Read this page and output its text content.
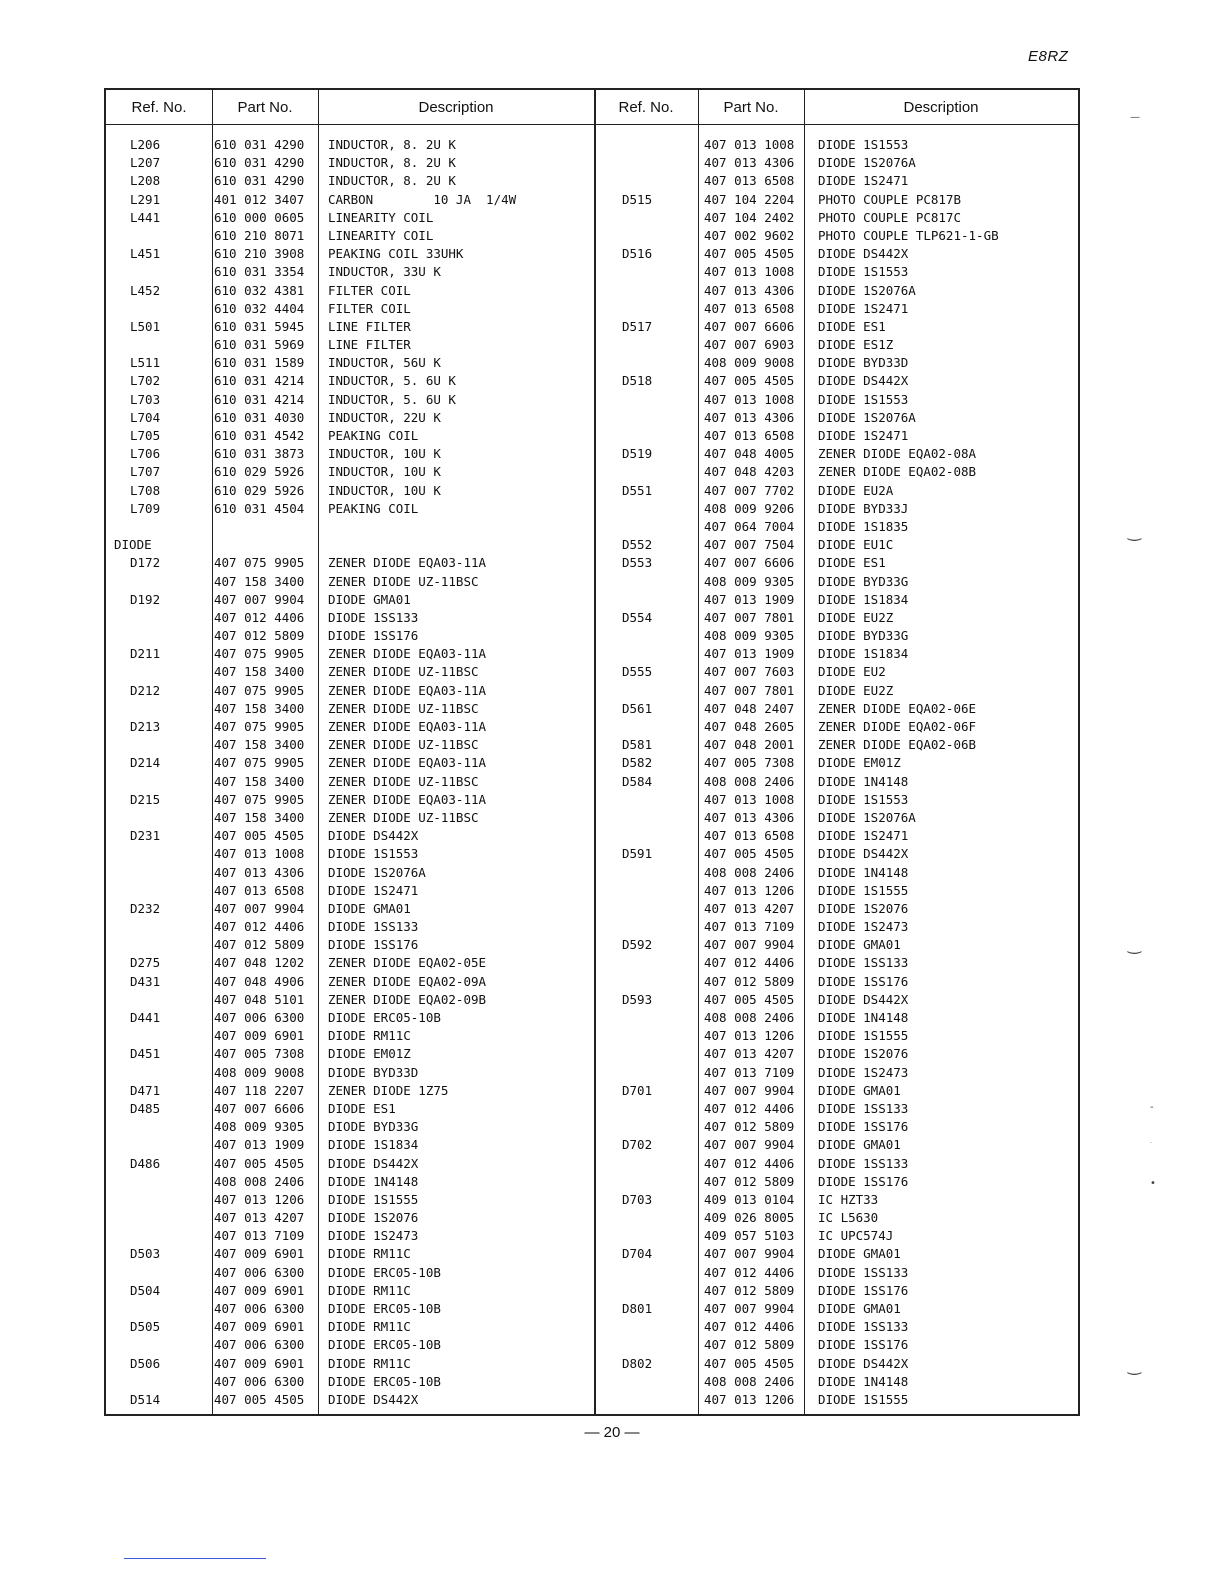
E8RZ
Ref. No.	Part No.	Description	Ref. No.	Part No.	Description
L206	610 031 4290 INDUCTOR, 8. 2U K
L207	610 031 4290 INDUCTOR, 8. 2U K
L208	610 031 4290 INDUCTOR, 8. 2U K
L291	401 012 3407 CARBON        10 JA  1/4W
L441	610 000 0605 LINEARITY COIL
610 210 8071 LINEARITY COIL
L451	610 210 3908 PEAKING COIL 33UHK
610 031 3354 INDUCTOR, 33U K
L452	610 032 4381 FILTER COIL
610 032 4404 FILTER COIL
L501	610 031 5945 LINE FILTER
610 031 5969 LINE FILTER
L511	610 031 1589 INDUCTOR, 56U K
L702	610 031 4214 INDUCTOR, 5. 6U K
L703	610 031 4214 INDUCTOR, 5. 6U K
L704	610 031 4030 INDUCTOR, 22U K
L705	610 031 4542 PEAKING COIL
L706	610 031 3873 INDUCTOR, 10U K
L707	610 029 5926 INDUCTOR, 10U K
L708	610 029 5926 INDUCTOR, 10U K
L709	610 031 4504 PEAKING COIL
DIODE
D172	407 075 9905 ZENER DIODE EQA03-11A
407 158 3400 ZENER DIODE UZ-11BSC
D192	407 007 9904 DIODE GMA01
407 012 4406 DIODE 1SS133
407 012 5809 DIODE 1SS176
D211	407 075 9905 ZENER DIODE EQA03-11A
407 158 3400 ZENER DIODE UZ-11BSC
D212	407 075 9905 ZENER DIODE EQA03-11A
407 158 3400 ZENER DIODE UZ-11BSC
D213	407 075 9905 ZENER DIODE EQA03-11A
407 158 3400 ZENER DIODE UZ-11BSC
D214	407 075 9905 ZENER DIODE EQA03-11A
407 158 3400 ZENER DIODE UZ-11BSC
D215	407 075 9905 ZENER DIODE EQA03-11A
407 158 3400 ZENER DIODE UZ-11BSC
D231	407 005 4505 DIODE DS442X
407 013 1008 DIODE 1S1553
407 013 4306 DIODE 1S2076A
407 013 6508 DIODE 1S2471
D232	407 007 9904 DIODE GMA01
407 012 4406 DIODE 1SS133
407 012 5809 DIODE 1SS176
D275	407 048 1202 ZENER DIODE EQA02-05E
D431	407 048 4906 ZENER DIODE EQA02-09A
407 048 5101 ZENER DIODE EQA02-09B
D441	407 006 6300 DIODE ERC05-10B
407 009 6901 DIODE RM11C
D451	407 005 7308 DIODE EM01Z
408 009 9008 DIODE BYD33D
D471	407 118 2207 ZENER DIODE 1Z75
D485	407 007 6606 DIODE ES1
408 009 9305 DIODE BYD33G
407 013 1909 DIODE 1S1834
D486	407 005 4505 DIODE DS442X
408 008 2406 DIODE 1N4148
407 013 1206 DIODE 1S1555
407 013 4207 DIODE 1S2076
407 013 7109 DIODE 1S2473
D503	407 009 6901 DIODE RM11C
407 006 6300 DIODE ERC05-10B
D504	407 009 6901 DIODE RM11C
407 006 6300 DIODE ERC05-10B
D505	407 009 6901 DIODE RM11C
407 006 6300 DIODE ERC05-10B
D506	407 009 6901 DIODE RM11C
407 006 6300 DIODE ERC05-10B
D514	407 005 4505 DIODE DS442X
407 013 1008 DIODE 1S1553
407 013 4306 DIODE 1S2076A
407 013 6508 DIODE 1S2471
D515	407 104 2204 PHOTO COUPLE PC817B
407 104 2402 PHOTO COUPLE PC817C
407 002 9602 PHOTO COUPLE TLP621-1-GB
D516	407 005 4505 DIODE DS442X
407 013 1008 DIODE 1S1553
407 013 4306 DIODE 1S2076A
407 013 6508 DIODE 1S2471
D517	407 007 6606 DIODE ES1
407 007 6903 DIODE ES1Z
408 009 9008 DIODE BYD33D
D518	407 005 4505 DIODE DS442X
407 013 1008 DIODE 1S1553
407 013 4306 DIODE 1S2076A
407 013 6508 DIODE 1S2471
D519	407 048 4005 ZENER DIODE EQA02-08A
407 048 4203 ZENER DIODE EQA02-08B
D551	407 007 7702 DIODE EU2A
408 009 9206 DIODE BYD33J
407 064 7004 DIODE 1S1835
D552	407 007 7504 DIODE EU1C
D553	407 007 6606 DIODE ES1
408 009 9305 DIODE BYD33G
407 013 1909 DIODE 1S1834
D554	407 007 7801 DIODE EU2Z
408 009 9305 DIODE BYD33G
407 013 1909 DIODE 1S1834
D555	407 007 7603 DIODE EU2
407 007 7801 DIODE EU2Z
D561	407 048 2407 ZENER DIODE EQA02-06E
407 048 2605 ZENER DIODE EQA02-06F
D581	407 048 2001 ZENER DIODE EQA02-06B
D582	407 005 7308 DIODE EM01Z
D584	408 008 2406 DIODE 1N4148
407 013 1008 DIODE 1S1553
407 013 4306 DIODE 1S2076A
407 013 6508 DIODE 1S2471
D591	407 005 4505 DIODE DS442X
408 008 2406 DIODE 1N4148
407 013 1206 DIODE 1S1555
407 013 4207 DIODE 1S2076
407 013 7109 DIODE 1S2473
D592	407 007 9904 DIODE GMA01
407 012 4406 DIODE 1SS133
407 012 5809 DIODE 1SS176
D593	407 005 4505 DIODE DS442X
408 008 2406 DIODE 1N4148
407 013 1206 DIODE 1S1555
407 013 4207 DIODE 1S2076
407 013 7109 DIODE 1S2473
D701	407 007 9904 DIODE GMA01
407 012 4406 DIODE 1SS133
407 012 5809 DIODE 1SS176
D702	407 007 9904 DIODE GMA01
407 012 4406 DIODE 1SS133
407 012 5809 DIODE 1SS176
D703	409 013 0104 IC HZT33
409 026 8005 IC L5630
409 057 5103 IC UPC574J
D704	407 007 9904 DIODE GMA01
407 012 4406 DIODE 1SS133
407 012 5809 DIODE 1SS176
D801	407 007 9904 DIODE GMA01
407 012 4406 DIODE 1SS133
407 012 5809 DIODE 1SS176
D802	407 005 4505 DIODE DS442X
408 008 2406 DIODE 1N4148
407 013 1206 DIODE 1S1555
— 20 —
—
‿
‿
-
·
•
‿
